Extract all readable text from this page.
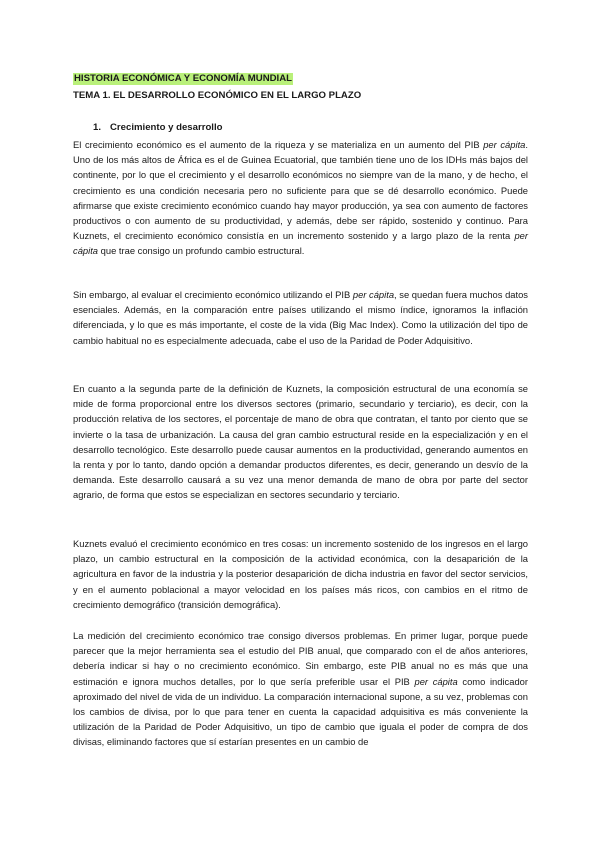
HISTORIA ECONÓMICA Y ECONOMÍA MUNDIAL
TEMA 1. EL DESARROLLO ECONÓMICO EN EL LARGO PLAZO
1. Crecimiento y desarrollo

El crecimiento económico es el aumento de la riqueza y se materializa en un aumento del PIB per cápita. Uno de los más altos de África es el de Guinea Ecuatorial, que también tiene uno de los IDHs más bajos del continente, por lo que el crecimiento y el desarrollo económicos no siempre van de la mano, y de hecho, el crecimiento es una condición necesaria pero no suficiente para que se dé desarrollo económico. Puede afirmarse que existe crecimiento económico cuando hay mayor producción, ya sea con aumento de factores productivos o con aumento de su productividad, y además, debe ser rápido, sostenido y continuo. Para Kuznets, el crecimiento económico consistía en un incremento sostenido y a largo plazo de la renta per cápita que trae consigo un profundo cambio estructural.

Sin embargo, al evaluar el crecimiento económico utilizando el PIB per cápita, se quedan fuera muchos datos esenciales. Además, en la comparación entre países utilizando el mismo índice, ignoramos la inflación diferenciada, y lo que es más importante, el coste de la vida (Big Mac Index). Como la utilización del tipo de cambio habitual no es especialmente adecuada, cabe el uso de la Paridad de Poder Adquisitivo.

En cuanto a la segunda parte de la definición de Kuznets, la composición estructural de una economía se mide de forma proporcional entre los diversos sectores (primario, secundario y terciario), es decir, con la producción relativa de los sectores, el porcentaje de mano de obra que contratan, el tanto por ciento que se invierte o la tasa de urbanización. La causa del gran cambio estructural reside en la especialización y en el desarrollo tecnológico. Este desarrollo puede causar aumentos en la productividad, generando aumentos en la renta y por lo tanto, dando opción a demandar productos diferentes, es decir, generando un desvío de la demanda. Este desarrollo causará a su vez una menor demanda de mano de obra por parte del sector agrario, de forma que estos se especializan en sectores secundario y terciario.

Kuznets evaluó el crecimiento económico en tres cosas: un incremento sostenido de los ingresos en el largo plazo, un cambio estructural en la composición de la actividad económica, con la desaparición de la agricultura en favor de la industria y la posterior desaparición de dicha industria en favor del sector servicios, y en el aumento poblacional a mayor velocidad en los países más ricos, con cambios en el ritmo de crecimiento demográfico (transición demográfica).

La medición del crecimiento económico trae consigo diversos problemas. En primer lugar, porque puede parecer que la mejor herramienta sea el estudio del PIB anual, que comparado con el de años anteriores, debería indicar si hay o no crecimiento económico. Sin embargo, este PIB anual no es más que una estimación e ignora muchos detalles, por lo que sería preferible usar el PIB per cápita como indicador aproximado del nivel de vida de un individuo. La comparación internacional supone, a su vez, problemas con los cambios de divisa, por lo que para tener en cuenta la capacidad adquisitiva es más conveniente la utilización de la Paridad de Poder Adquisitivo, un tipo de cambio que iguala el poder de compra de dos divisas, eliminando factores que sí estarían presentes en un cambio de
